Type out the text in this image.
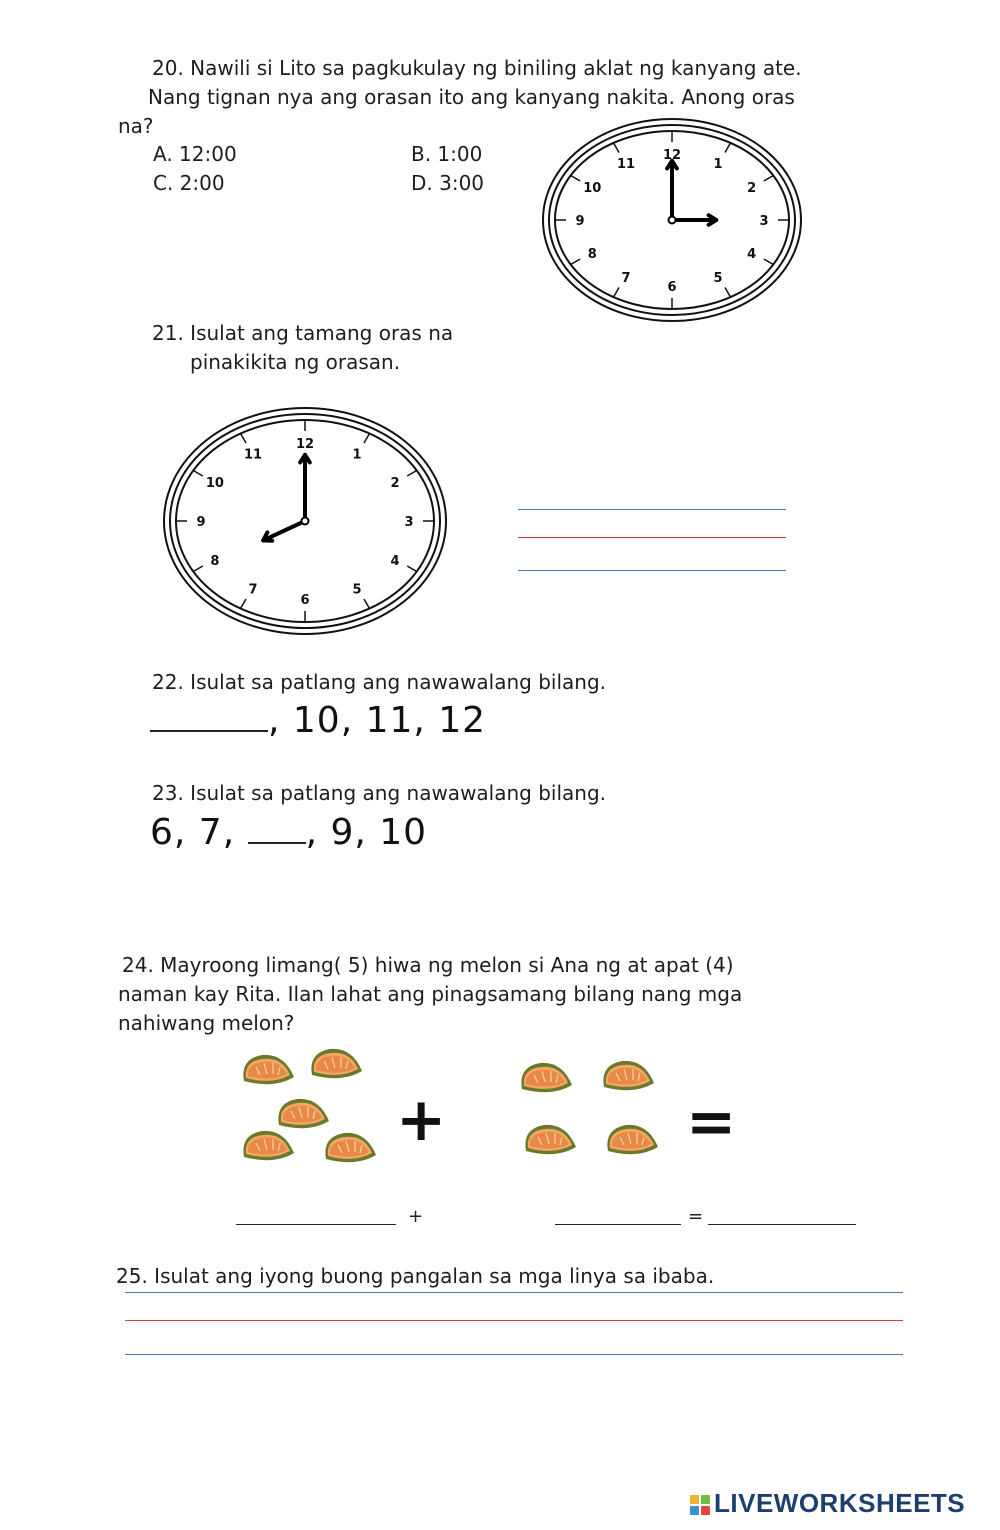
20. Nawili si Lito sa pagkukulay ng biniling aklat ng kanyang ate.
Nang tignan nya ang orasan ito ang kanyang nakita. Anong oras
na?
A. 12:00	B. 1:00
C. 2:00	D. 3:00
12
1
2
3
4
5
6
7
8
9
10
11
21. Isulat ang tamang oras na
pinakikita ng orasan.
12
1
2
3
4
5
6
7
8
9
10
11
22. Isulat sa patlang ang nawawalang bilang.
, 10, 11, 12
23. Isulat sa patlang ang nawawalang bilang.
6, 7, , 9, 10
24. Mayroong limang( 5) hiwa ng melon si Ana ng at apat (4)
naman kay Rita. Ilan lahat ang pinagsamang bilang nang mga
nahiwang melon?
+	=
+	=
25. Isulat ang iyong buong pangalan sa mga linya sa ibaba.
LIVEWORKSHEETS
